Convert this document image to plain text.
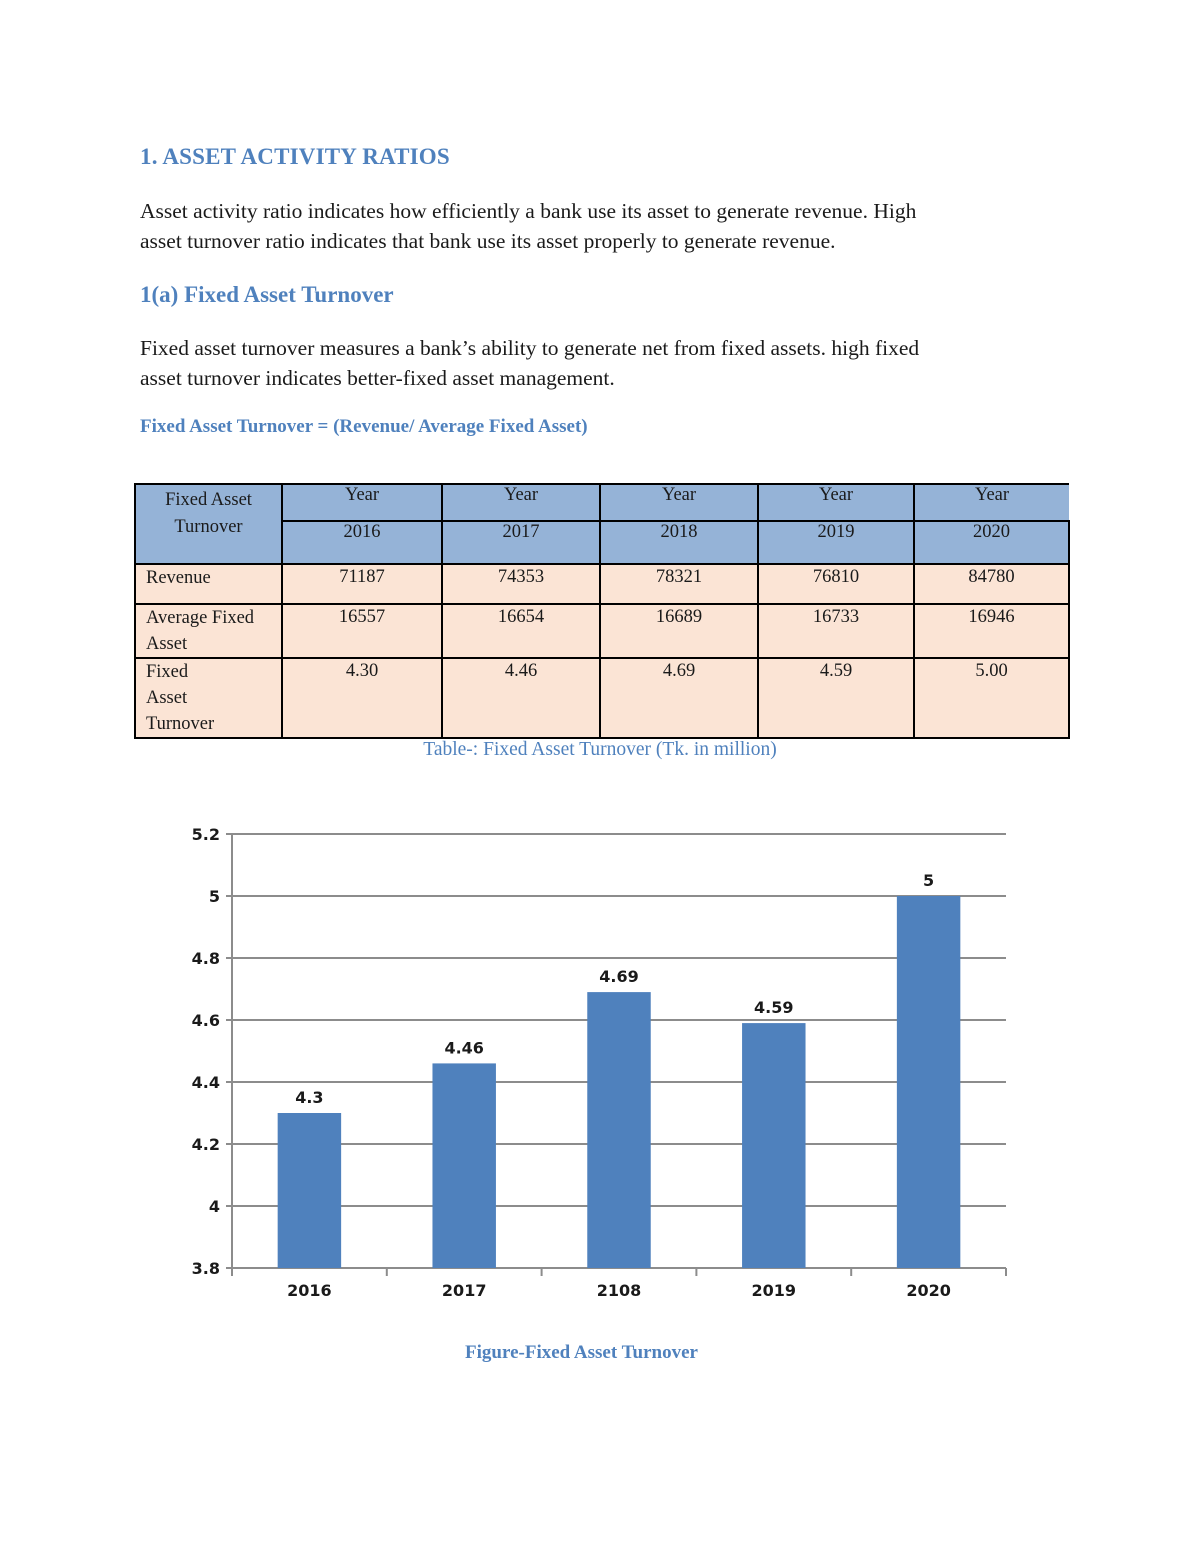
1. ASSET ACTIVITY RATIOS
Asset activity ratio indicates how efficiently a bank use its asset to generate revenue. High
asset turnover ratio indicates that bank use its asset properly to generate revenue.
1(a) Fixed Asset Turnover
Fixed asset turnover measures a bank’s ability to generate net from fixed assets. high fixed
asset turnover indicates better-fixed asset management.
Fixed Asset Turnover = (Revenue/ Average Fixed Asset)
Fixed Asset Turnover	Year	Year	Year	Year	Year
	2016	2017	2018	2019	2020
Revenue	71187	74353	78321	76810	84780
Average Fixed Asset	16557	16654	16689	16733	16946
Fixed Asset Turnover	4.30	4.46	4.69	4.59	5.00
Table-: Fixed Asset Turnover (Tk. in million)
3.8
4
4.2
4.4
4.6
4.8
5
5.2
4.3
2016
4.46
2017
4.69
2108
4.59
2019
5
2020
Figure-Fixed Asset Turnover
